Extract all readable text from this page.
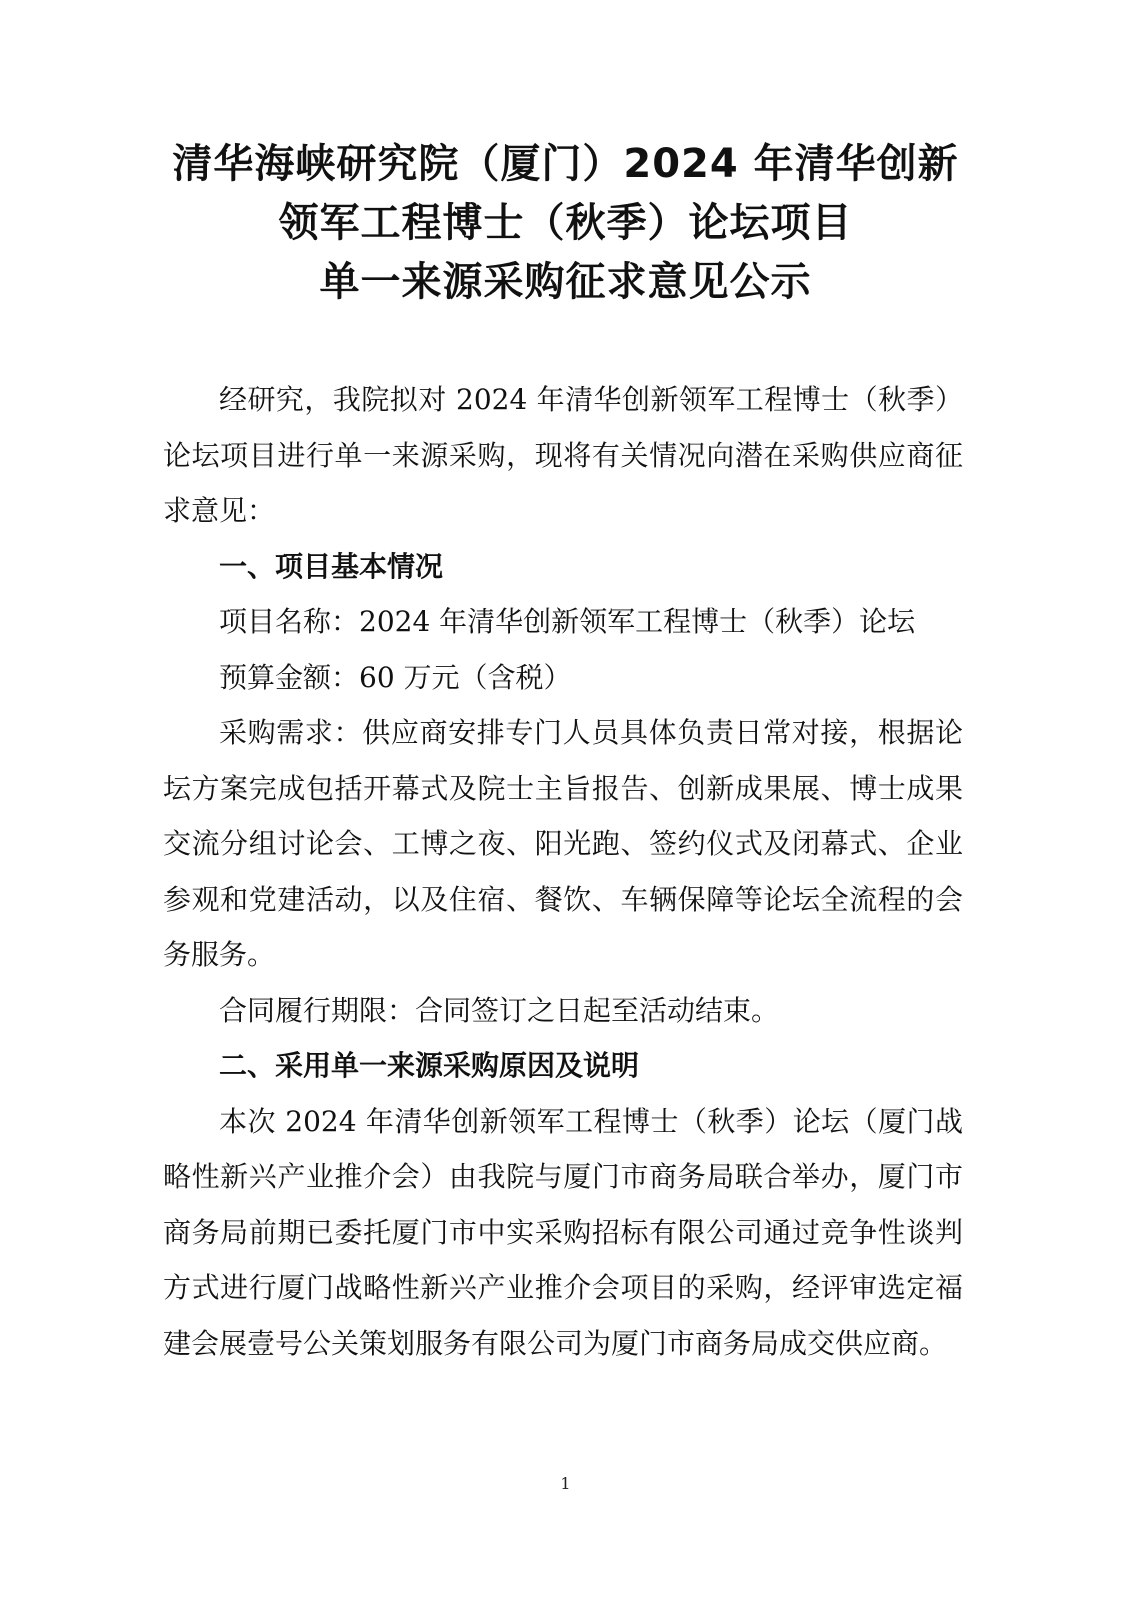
清华海峡研究院（厦门）2024 年清华创新
领军工程博士（秋季）论坛项目
单一来源采购征求意见公示

经研究，我院拟对 2024 年清华创新领军工程博士（秋季）论坛项目进行单一来源采购，现将有关情况向潜在采购供应商征求意见：

一、项目基本情况

项目名称：2024 年清华创新领军工程博士（秋季）论坛

预算金额：60 万元（含税）

采购需求：供应商安排专门人员具体负责日常对接，根据论坛方案完成包括开幕式及院士主旨报告、创新成果展、博士成果交流分组讨论会、工博之夜、阳光跑、签约仪式及闭幕式、企业参观和党建活动，以及住宿、餐饮、车辆保障等论坛全流程的会务服务。

合同履行期限：合同签订之日起至活动结束。

二、采用单一来源采购原因及说明

本次 2024 年清华创新领军工程博士（秋季）论坛（厦门战略性新兴产业推介会）由我院与厦门市商务局联合举办，厦门市商务局前期已委托厦门市中实采购招标有限公司通过竞争性谈判方式进行厦门战略性新兴产业推介会项目的采购，经评审选定福建会展壹号公关策划服务有限公司为厦门市商务局成交供应商。

1
